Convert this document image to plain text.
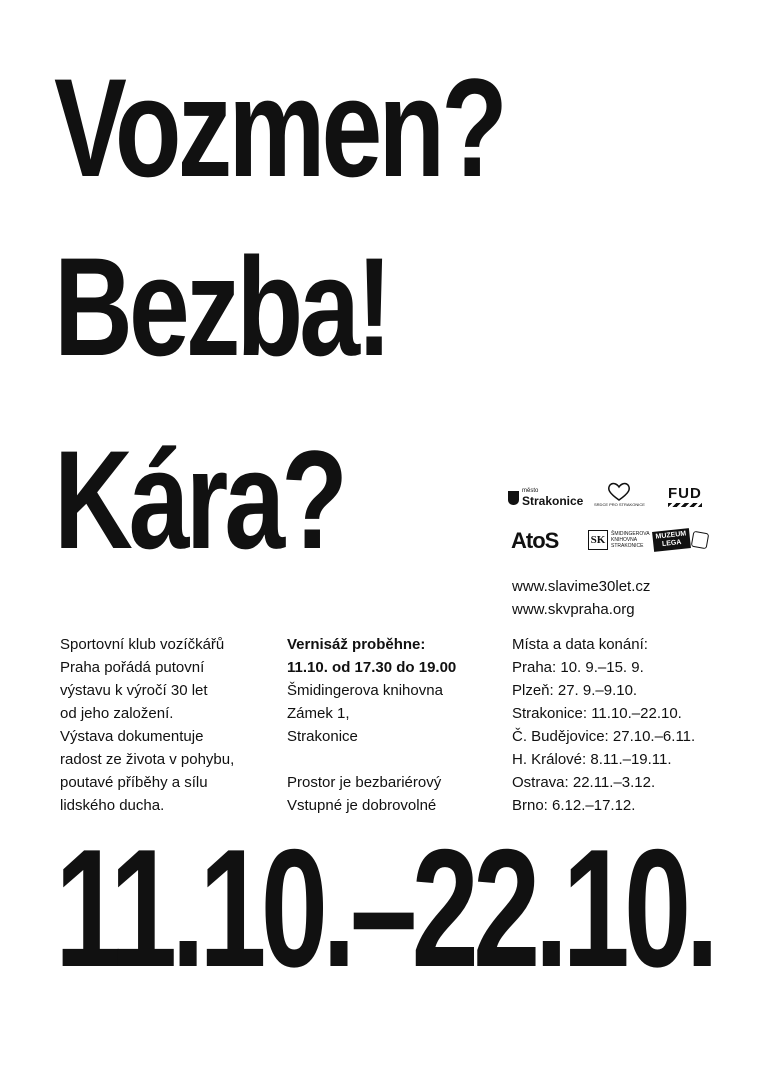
Vozmen?
Bezba!
Kára?	město
Strakonice	SRDCE PRO STRAKONICE
FUD
AtoS	SK	ŠMIDINGEROVA
KNIHOVNA
STRAKONICE
MUZEUM
LEGA
www.slavime30let.cz
www.skvpraha.org
Sportovní klub vozíčkářů
Praha pořádá putovní
výstavu k výročí 30 let
od jeho založení.
Výstava dokumentuje
radost ze života v pohybu,
poutavé příběhy a sílu
lidského ducha.
Vernisáž proběhne:
11.10. od 17.30 do 19.00
Šmidingerova knihovna
Zámek 1,
Strakonice
Prostor je bezbariérový
Vstupné je dobrovolné
Místa a data konání:
Praha: 10. 9.–15. 9.
Plzeň: 27. 9.–9.10.
Strakonice: 11.10.–22.10.
Č. Budějovice: 27.10.–6.11.
H. Králové: 8.11.–19.11.
Ostrava: 22.11.–3.12.
Brno: 6.12.–17.12.
11.10.–22.10.
